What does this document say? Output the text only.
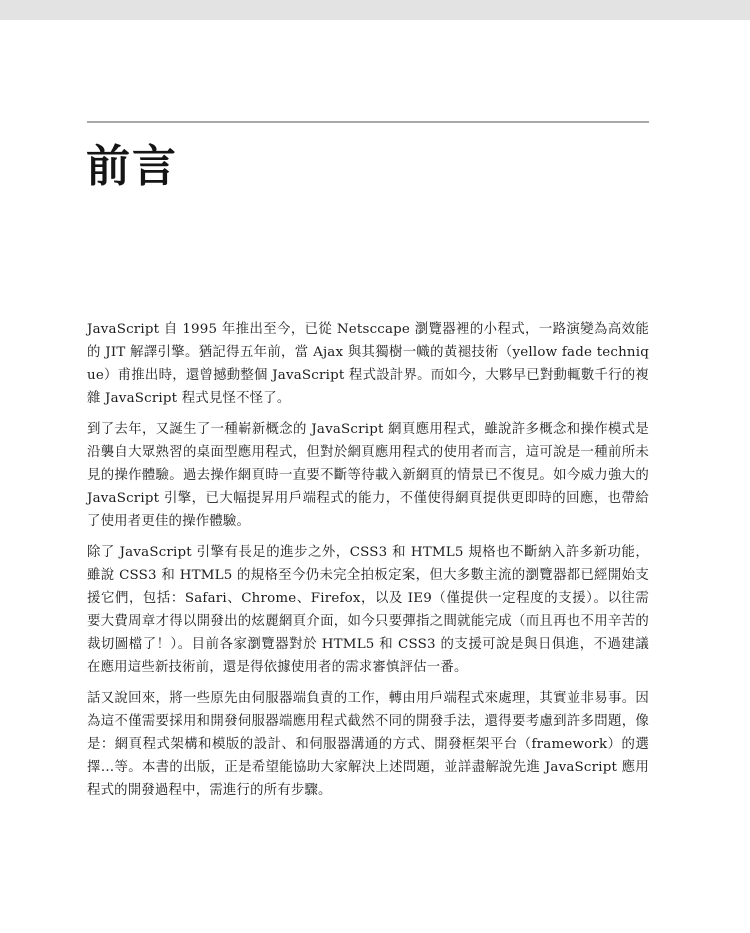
前言

JavaScript 自 1995 年推出至今，已從 Netsccape 瀏覽器裡的小程式，一路演變為高效能的 JIT 解譯引擎。猶記得五年前，當 Ajax 與其獨樹一幟的黃褪技術（yellow fade technique）甫推出時，還曾撼動整個 JavaScript 程式設計界。而如今，大夥早已對動輒數千行的複雜 JavaScript 程式見怪不怪了。

到了去年，又誕生了一種嶄新概念的 JavaScript 網頁應用程式，雖說許多概念和操作模式是沿襲自大眾熟習的桌面型應用程式，但對於網頁應用程式的使用者而言，這可說是一種前所未見的操作體驗。過去操作網頁時一直要不斷等待載入新網頁的情景已不復見。如今威力強大的 JavaScript 引擎，已大幅提昇用戶端程式的能力，不僅使得網頁提供更即時的回應，也帶給了使用者更佳的操作體驗。

除了 JavaScript 引擎有長足的進步之外，CSS3 和 HTML5 規格也不斷納入許多新功能，雖說 CSS3 和 HTML5 的規格至今仍未完全拍板定案，但大多數主流的瀏覽器都已經開始支援它們，包括：Safari、Chrome、Firefox，以及 IE9（僅提供一定程度的支援）。以往需要大費周章才得以開發出的炫麗網頁介面，如今只要彈指之間就能完成（而且再也不用辛苦的裁切圖檔了！）。目前各家瀏覽器對於 HTML5 和 CSS3 的支援可說是與日俱進，不過建議在應用這些新技術前，還是得依據使用者的需求審慎評估一番。

話又說回來，將一些原先由伺服器端負責的工作，轉由用戶端程式來處理，其實並非易事。因為這不僅需要採用和開發伺服器端應用程式截然不同的開發手法，還得要考慮到許多問題，像是：網頁程式架構和模版的設計、和伺服器溝通的方式、開發框架平台（framework）的選擇…等。本書的出版，正是希望能協助大家解決上述問題，並詳盡解說先進 JavaScript 應用程式的開發過程中，需進行的所有步驟。
